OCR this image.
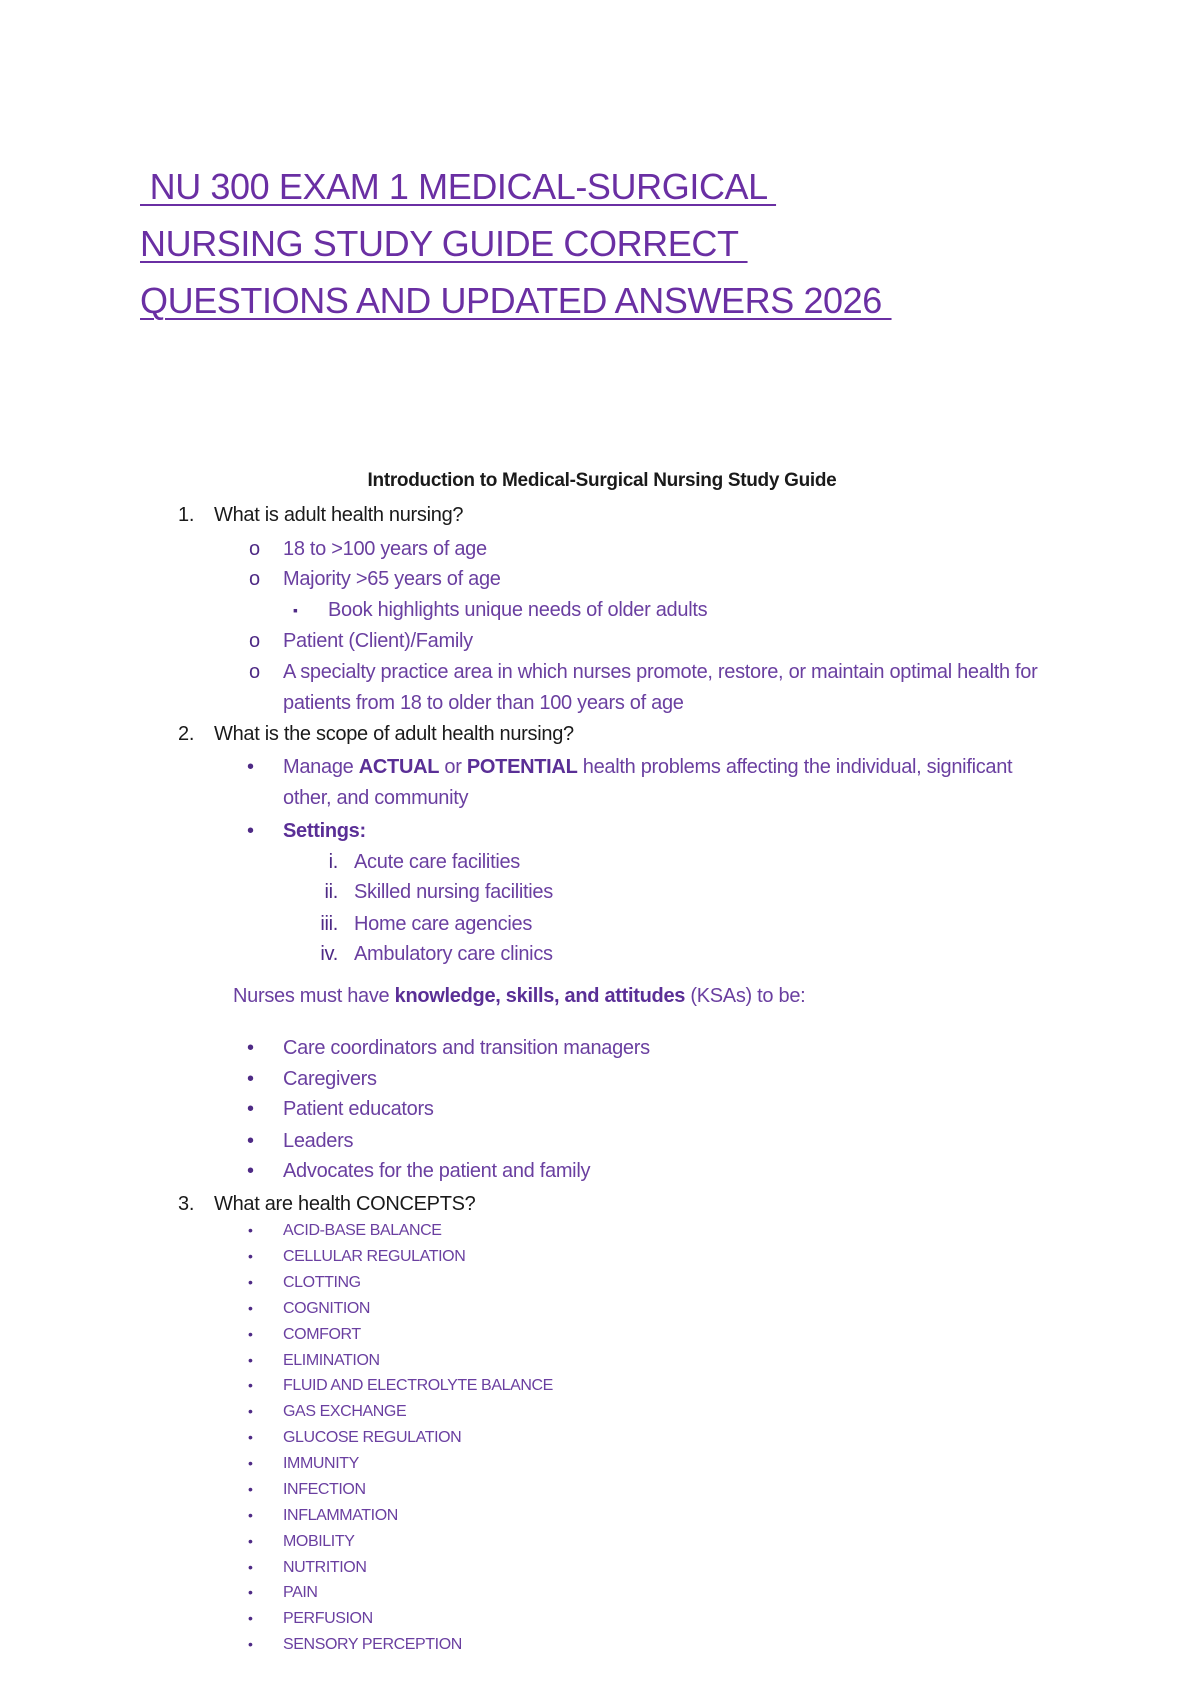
NU 300 EXAM 1 MEDICAL-SURGICAL
NURSING STUDY GUIDE CORRECT
QUESTIONS AND UPDATED ANSWERS 2026
Introduction to Medical-Surgical Nursing Study Guide
1. What is adult health nursing?
o 18 to >100 years of age
o Majority >65 years of age
▪ Book highlights unique needs of older adults
o Patient (Client)/Family
o A specialty practice area in which nurses promote, restore, or maintain optimal health for patients from 18 to older than 100 years of age
2. What is the scope of adult health nursing?
• Manage ACTUAL or POTENTIAL health problems affecting the individual, significant other, and community
• Settings:
i. Acute care facilities
ii. Skilled nursing facilities
iii. Home care agencies
iv. Ambulatory care clinics
Nurses must have knowledge, skills, and attitudes (KSAs) to be:
• Care coordinators and transition managers
• Caregivers
• Patient educators
• Leaders
• Advocates for the patient and family
3. What are health CONCEPTS?
• ACID-BASE BALANCE
• CELLULAR REGULATION
• CLOTTING
• COGNITION
• COMFORT
• ELIMINATION
• FLUID AND ELECTROLYTE BALANCE
• GAS EXCHANGE
• GLUCOSE REGULATION
• IMMUNITY
• INFECTION
• INFLAMMATION
• MOBILITY
• NUTRITION
• PAIN
• PERFUSION
• SENSORY PERCEPTION
